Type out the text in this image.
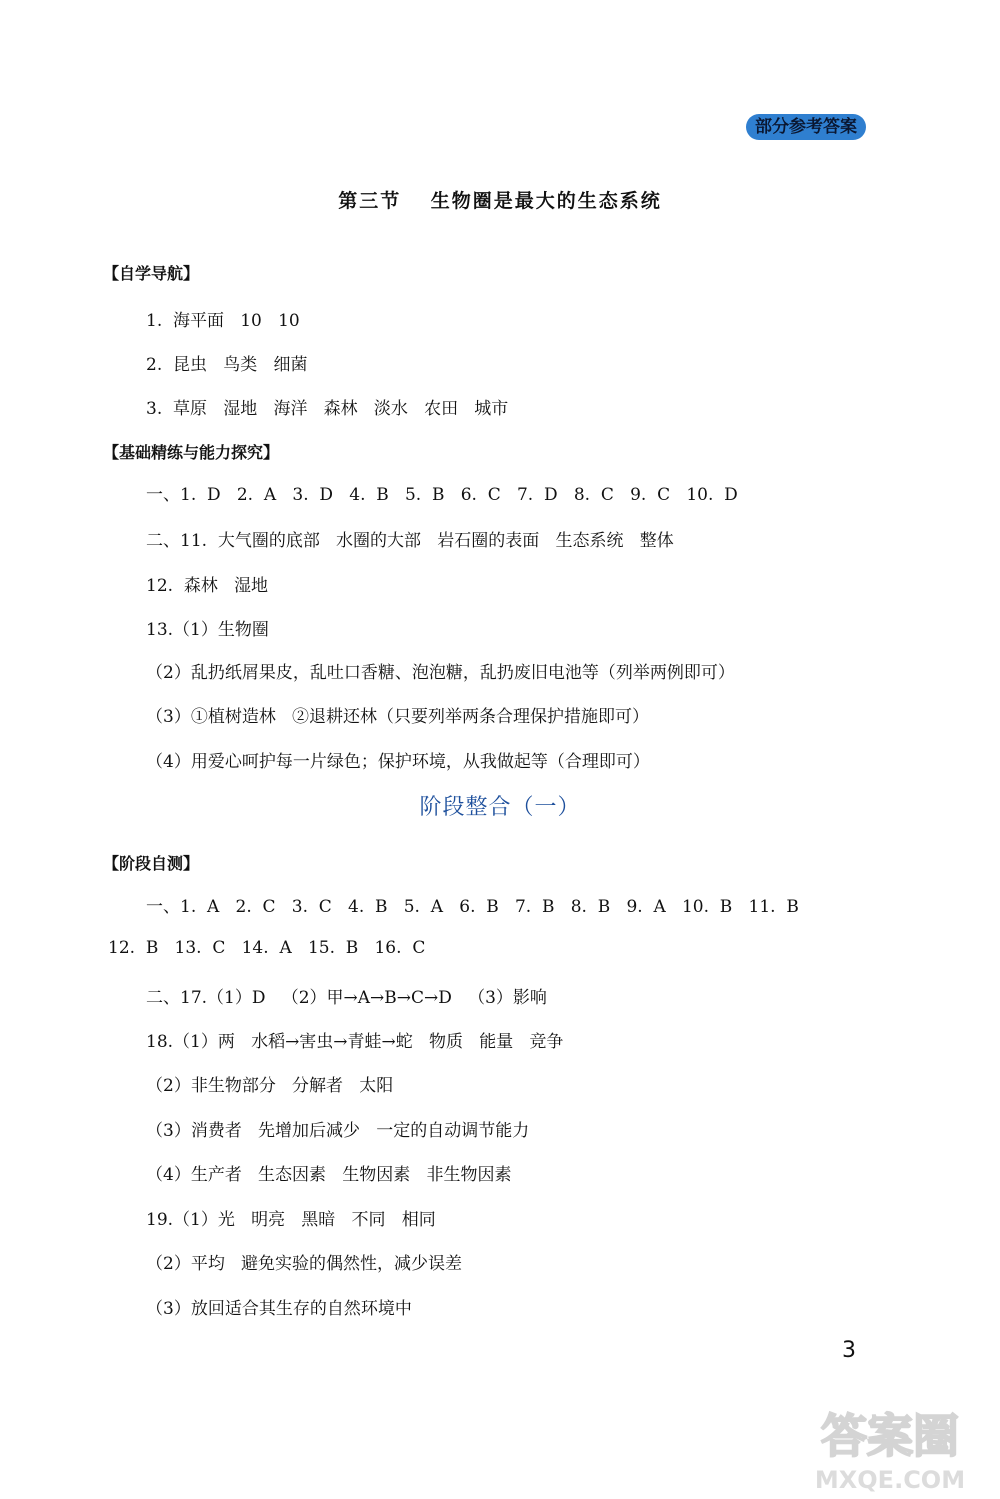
部分参考答案
第三节　 生物圈是最大的生态系统
【自学导航】
1.  海平面   10   10
2.  昆虫   鸟类   细菌
3.  草原   湿地   海洋   森林   淡水   农田   城市
【基础精练与能力探究】
一、1.  D   2.  A   3.  D   4.  B   5.  B   6.  C   7.  D   8.  C   9.  C   10.  D
二、11.  大气圈的底部   水圈的大部   岩石圈的表面   生态系统   整体
12.  森林   湿地
13.（1）生物圈
（2）乱扔纸屑果皮，乱吐口香糖、泡泡糖，乱扔废旧电池等（列举两例即可）
（3）①植树造林   ②退耕还林（只要列举两条合理保护措施即可）
（4）用爱心呵护每一片绿色；保护环境，从我做起等（合理即可）
阶段整合（一）
【阶段自测】
一、1.  A   2.  C   3.  C   4.  B   5.  A   6.  B   7.  B   8.  B   9.  A   10.  B   11.  B
12.  B   13.  C   14.  A   15.  B   16.  C
二、17.（1）D   （2）甲→A→B→C→D   （3）影响
18.（1）两   水稻→害虫→青蛙→蛇   物质   能量   竞争
（2）非生物部分   分解者   太阳
（3）消费者   先增加后减少   一定的自动调节能力
（4）生产者   生态因素   生物因素   非生物因素
19.（1）光   明亮   黑暗   不同   相同
（2）平均   避免实验的偶然性，减少误差
（3）放回适合其生存的自然环境中
3
答案圈
MXQE.COM
